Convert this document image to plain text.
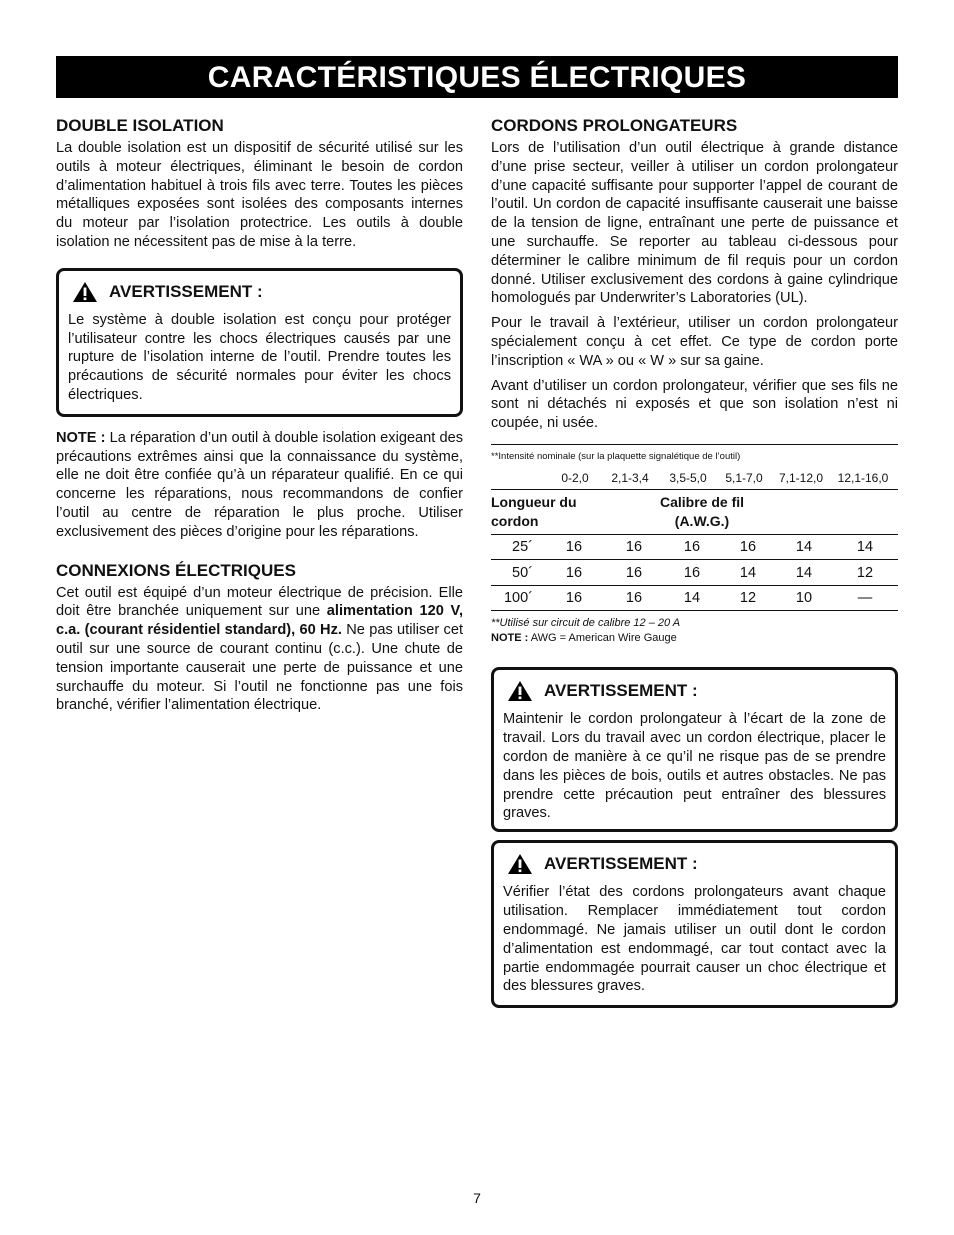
CARACTÉRISTIQUES ÉLECTRIQUES
DOUBLE ISOLATION

La double isolation est un dispositif de sécurité utilisé sur les outils à moteur électriques, éliminant le besoin de cordon d’alimentation habituel à trois fils avec terre. Toutes les pièces métalliques exposées sont isolées des composants internes du moteur par l’isolation protectrice. Les outils à double isolation ne nécessitent pas de mise à la terre.

AVERTISSEMENT :

Le système à double isolation est conçu pour protéger l’utilisateur contre les chocs électriques causés par une rupture de l’isolation interne de l’outil. Prendre toutes les précautions de sécurité normales pour éviter les chocs électriques.

NOTE : La réparation d’un outil à double isolation exigeant des précautions extrêmes ainsi que la connaissance du système, elle ne doit être confiée qu’à un réparateur qualifié. En ce qui concerne les réparations, nous recommandons de confier l’outil au centre de réparation le plus proche. Utiliser exclusivement des pièces d’origine pour les réparations.

CONNEXIONS ÉLECTRIQUES

Cet outil est équipé d’un moteur électrique de précision. Elle doit être branchée uniquement sur une alimentation 120 V, c.a. (courant résidentiel standard), 60 Hz. Ne pas utiliser cet outil sur une source de courant continu (c.c.). Une chute de tension importante causerait une perte de puissance et une surchauffe du moteur. Si l’outil ne fonctionne pas une fois branché, vérifier l’alimentation électrique.

CORDONS PROLONGATEURS

Lors de l’utilisation d’un outil électrique à grande distance d’une prise secteur, veiller à utiliser un cordon prolongateur d’une capacité suffisante pour supporter l’appel de courant de l’outil. Un cordon de capacité insuffisante causerait une baisse de la tension de ligne, entraînant une perte de puissance et une surchauffe. Se reporter au tableau ci-dessous pour déterminer le calibre minimum de fil requis pour un cordon donné. Utiliser exclusivement des cordons à gaine cylindrique homologués par Underwriter’s Laboratories (UL).

Pour le travail à l’extérieur, utiliser un cordon prolongateur spécialement conçu à cet effet. Ce type de cordon porte l’inscription « WA » ou « W » sur sa gaine.

Avant d’utiliser un cordon prolongateur, vérifier que ses fils ne sont ni détachés ni exposés et que son isolation n’est ni coupée, ni usée.

**Intensité nominale (sur la plaquette signalétique de l’outil)
0-2,0	2,1-3,4	3,5-5,0	5,1-7,0	7,1-12,0	12,1-16,0
Longueur du cordon
Calibre de fil (A.W.G.)
25´	16	16	16	16	14	14
50´	16	16	16	14	14	12
100´	16	16	14	12	10	—
**Utilisé sur circuit de calibre 12 – 20 A
NOTE : AWG = American Wire Gauge
AVERTISSEMENT :

Maintenir le cordon prolongateur à l’écart de la zone de travail. Lors du travail avec un cordon électrique, placer le cordon de manière à ce qu’il ne risque pas de se prendre dans les pièces de bois, outils et autres obstacles. Ne pas prendre cette précaution peut entraîner des blessures graves.

AVERTISSEMENT :

Vérifier l’état des cordons prolongateurs avant chaque utilisation. Remplacer immédiatement tout cordon endommagé. Ne jamais utiliser un outil dont le cordon d’alimentation est endommagé, car tout contact avec la partie endommagée pourrait causer un choc électrique et des blessures graves.

7
